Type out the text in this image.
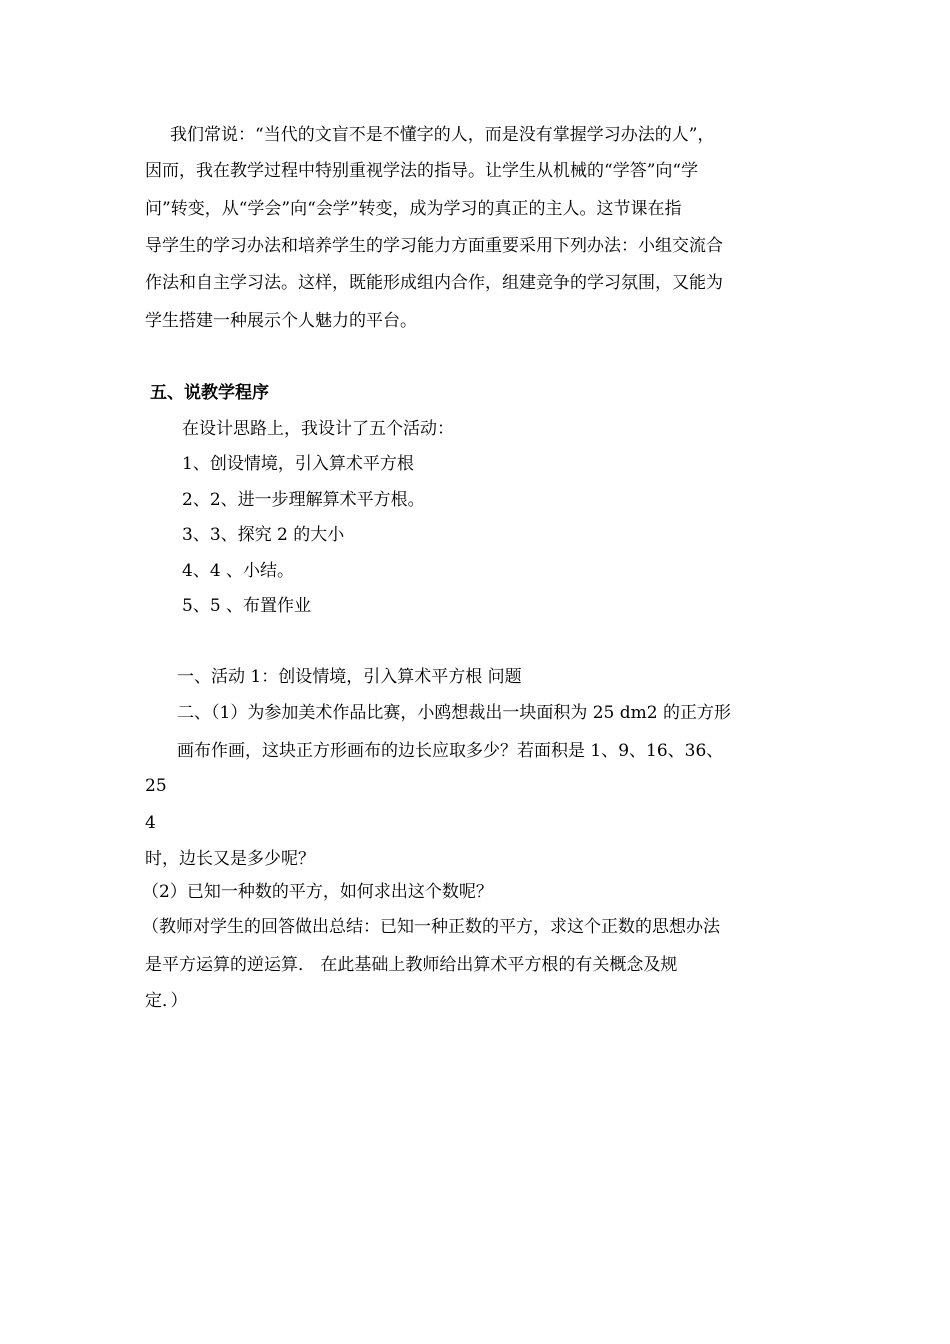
我们常说：“当代的文盲不是不懂字的人，而是没有掌握学习办法的人”，
因而，我在教学过程中特别重视学法的指导。让学生从机械的“学答”向“学
问”转变，从“学会”向“会学”转变，成为学习的真正的主人。这节课在指
导学生的学习办法和培养学生的学习能力方面重要采用下列办法：小组交流合
作法和自主学习法。这样，既能形成组内合作，组建竞争的学习氛围，又能为
学生搭建一种展示个人魅力的平台。
五、说教学程序
在设计思路上，我设计了五个活动：
1、创设情境，引入算术平方根
2、2、进一步理解算术平方根。
3、3、探究 2 的大小
4、4 、小结。
5、5 、布置作业
一、活动 1：创设情境，引入算术平方根 问题
二、（1）为参加美术作品比赛，小鸥想裁出一块面积为 25 dm2 的正方形
画布作画，这块正方形画布的边长应取多少？若面积是 1、9、16、36、
25
4
时，边长又是多少呢？
（2）已知一种数的平方，如何求出这个数呢？
（教师对学生的回答做出总结：已知一种正数的平方，求这个正数的思想办法
是平方运算的逆运算． 在此基础上教师给出算术平方根的有关概念及规
定．）
